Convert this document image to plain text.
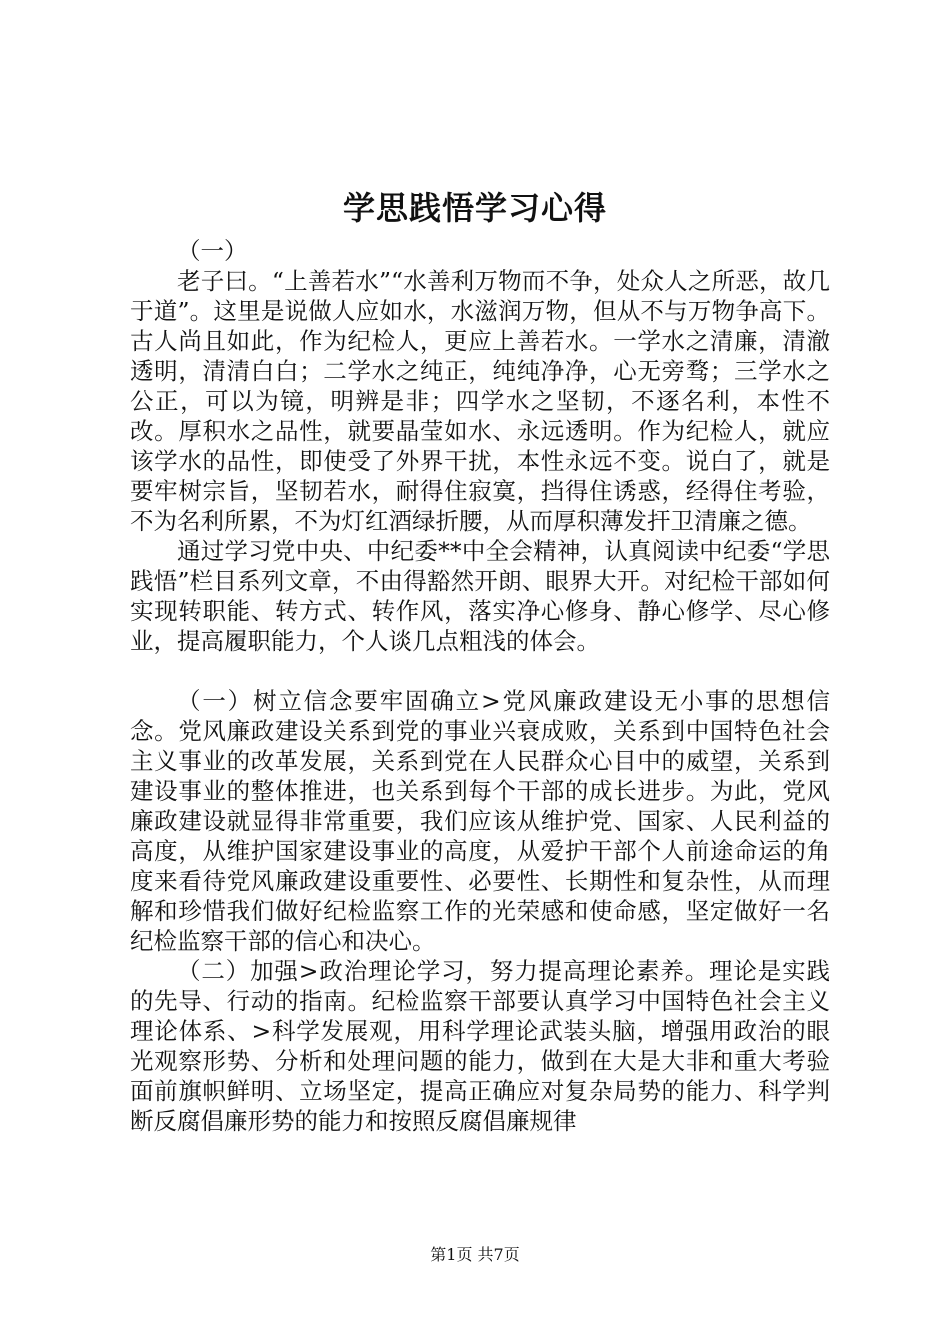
学思践悟学习心得

（一）

老子曰。“上善若水”“水善利万物而不争，处众人之所恶，故几于道”。这里是说做人应如水，水滋润万物，但从不与万物争高下。古人尚且如此，作为纪检人，更应上善若水。一学水之清廉，清澈透明，清清白白；二学水之纯正，纯纯净净，心无旁骛；三学水之公正，可以为镜，明辨是非；四学水之坚韧，不逐名利，本性不改。厚积水之品性，就要晶莹如水、永远透明。作为纪检人，就应该学水的品性，即使受了外界干扰，本性永远不变。说白了，就是要牢树宗旨，坚韧若水，耐得住寂寞，挡得住诱惑，经得住考验，不为名利所累，不为灯红酒绿折腰，从而厚积薄发扞卫清廉之德。

通过学习党中央、中纪委**中全会精神，认真阅读中纪委“学思践悟”栏目系列文章，不由得豁然开朗、眼界大开。对纪检干部如何实现转职能、转方式、转作风，落实净心修身、静心修学、尽心修业，提高履职能力，个人谈几点粗浅的体会。

（一）树立信念要牢固确立>党风廉政建设无小事的思想信念。党风廉政建设关系到党的事业兴衰成败，关系到中国特色社会主义事业的改革发展，关系到党在人民群众心目中的威望，关系到建设事业的整体推进，也关系到每个干部的成长进步。为此，党风廉政建设就显得非常重要，我们应该从维护党、国家、人民利益的高度，从维护国家建设事业的高度，从爱护干部个人前途命运的角度来看待党风廉政建设重要性、必要性、长期性和复杂性，从而理解和珍惜我们做好纪检监察工作的光荣感和使命感，坚定做好一名纪检监察干部的信心和决心。

（二）加强>政治理论学习，努力提高理论素养。理论是实践的先导、行动的指南。纪检监察干部要认真学习中国特色社会主义理论体系、>科学发展观，用科学理论武装头脑，增强用政治的眼光观察形势、分析和处理问题的能力，做到在大是大非和重大考验面前旗帜鲜明、立场坚定，提高正确应对复杂局势的能力、科学判断反腐倡廉形势的能力和按照反腐倡廉规律

第1页 共7页
